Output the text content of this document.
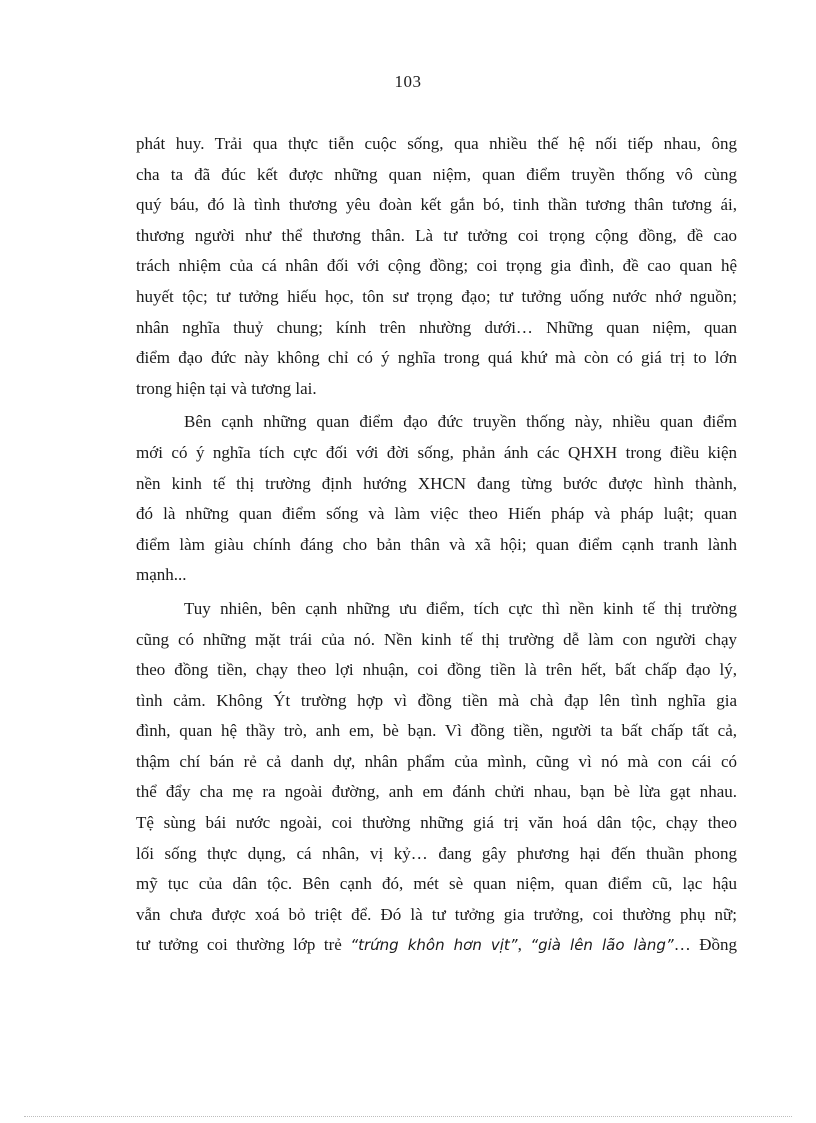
103

phát huy. Trải qua thực tiễn cuộc sống, qua nhiều thế hệ nối tiếp nhau, ông
cha ta đã đúc kết được những quan niệm, quan điểm truyền thống vô cùng
quý báu, đó là tình thương yêu đoàn kết gắn bó, tinh thần tương thân tương ái,
thương người như thể thương thân. Là tư tưởng coi trọng cộng đồng, đề cao
trách nhiệm của cá nhân đối với cộng đồng; coi trọng gia đình, đề cao quan hệ
huyết tộc; tư tưởng hiếu học, tôn sư trọng đạo; tư tưởng uống nước nhớ nguồn;
nhân nghĩa thuỷ chung; kính trên nhường dưới… Những quan niệm, quan
điểm đạo đức này không chỉ có ý nghĩa trong quá khứ mà còn có giá trị to lớn
trong hiện tại và tương lai.

Bên cạnh những quan điểm đạo đức truyền thống này, nhiều quan điểm
mới có ý nghĩa tích cực đối với đời sống, phản ánh các QHXH trong điều kiện
nền kinh tế thị trường định hướng XHCN đang từng bước được hình thành,
đó là những quan điểm sống và làm việc theo Hiến pháp và pháp luật; quan
điểm làm giàu chính đáng cho bản thân và xã hội; quan điểm cạnh tranh lành
mạnh...

Tuy nhiên, bên cạnh những ưu điểm, tích cực thì nền kinh tế thị trường
cũng có những mặt trái của nó. Nền kinh tế thị trường dễ làm con người chạy
theo đồng tiền, chạy theo lợi nhuận, coi đồng tiền là trên hết, bất chấp đạo lý,
tình cảm. Không Ýt trường hợp vì đồng tiền mà chà đạp lên tình nghĩa gia
đình, quan hệ thầy trò, anh em, bè bạn. Vì đồng tiền, người ta bất chấp tất cả,
thậm chí bán rẻ cả danh dự, nhân phẩm của mình, cũng vì nó mà con cái có
thể đẩy cha mẹ ra ngoài đường, anh em đánh chửi nhau, bạn bè lừa gạt nhau.
Tệ sùng bái nước ngoài, coi thường những giá trị văn hoá dân tộc, chạy theo
lối sống thực dụng, cá nhân, vị kỷ… đang gây phương hại đến thuần phong
mỹ tục của dân tộc. Bên cạnh đó, mét sè quan niệm, quan điểm cũ, lạc hậu
vẫn chưa được xoá bỏ triệt để. Đó là tư tưởng gia trưởng, coi thường phụ nữ;
tư tưởng coi thường lớp trẻ “trứng khôn hơn vịt”, “già lên lão làng”… Đồng
